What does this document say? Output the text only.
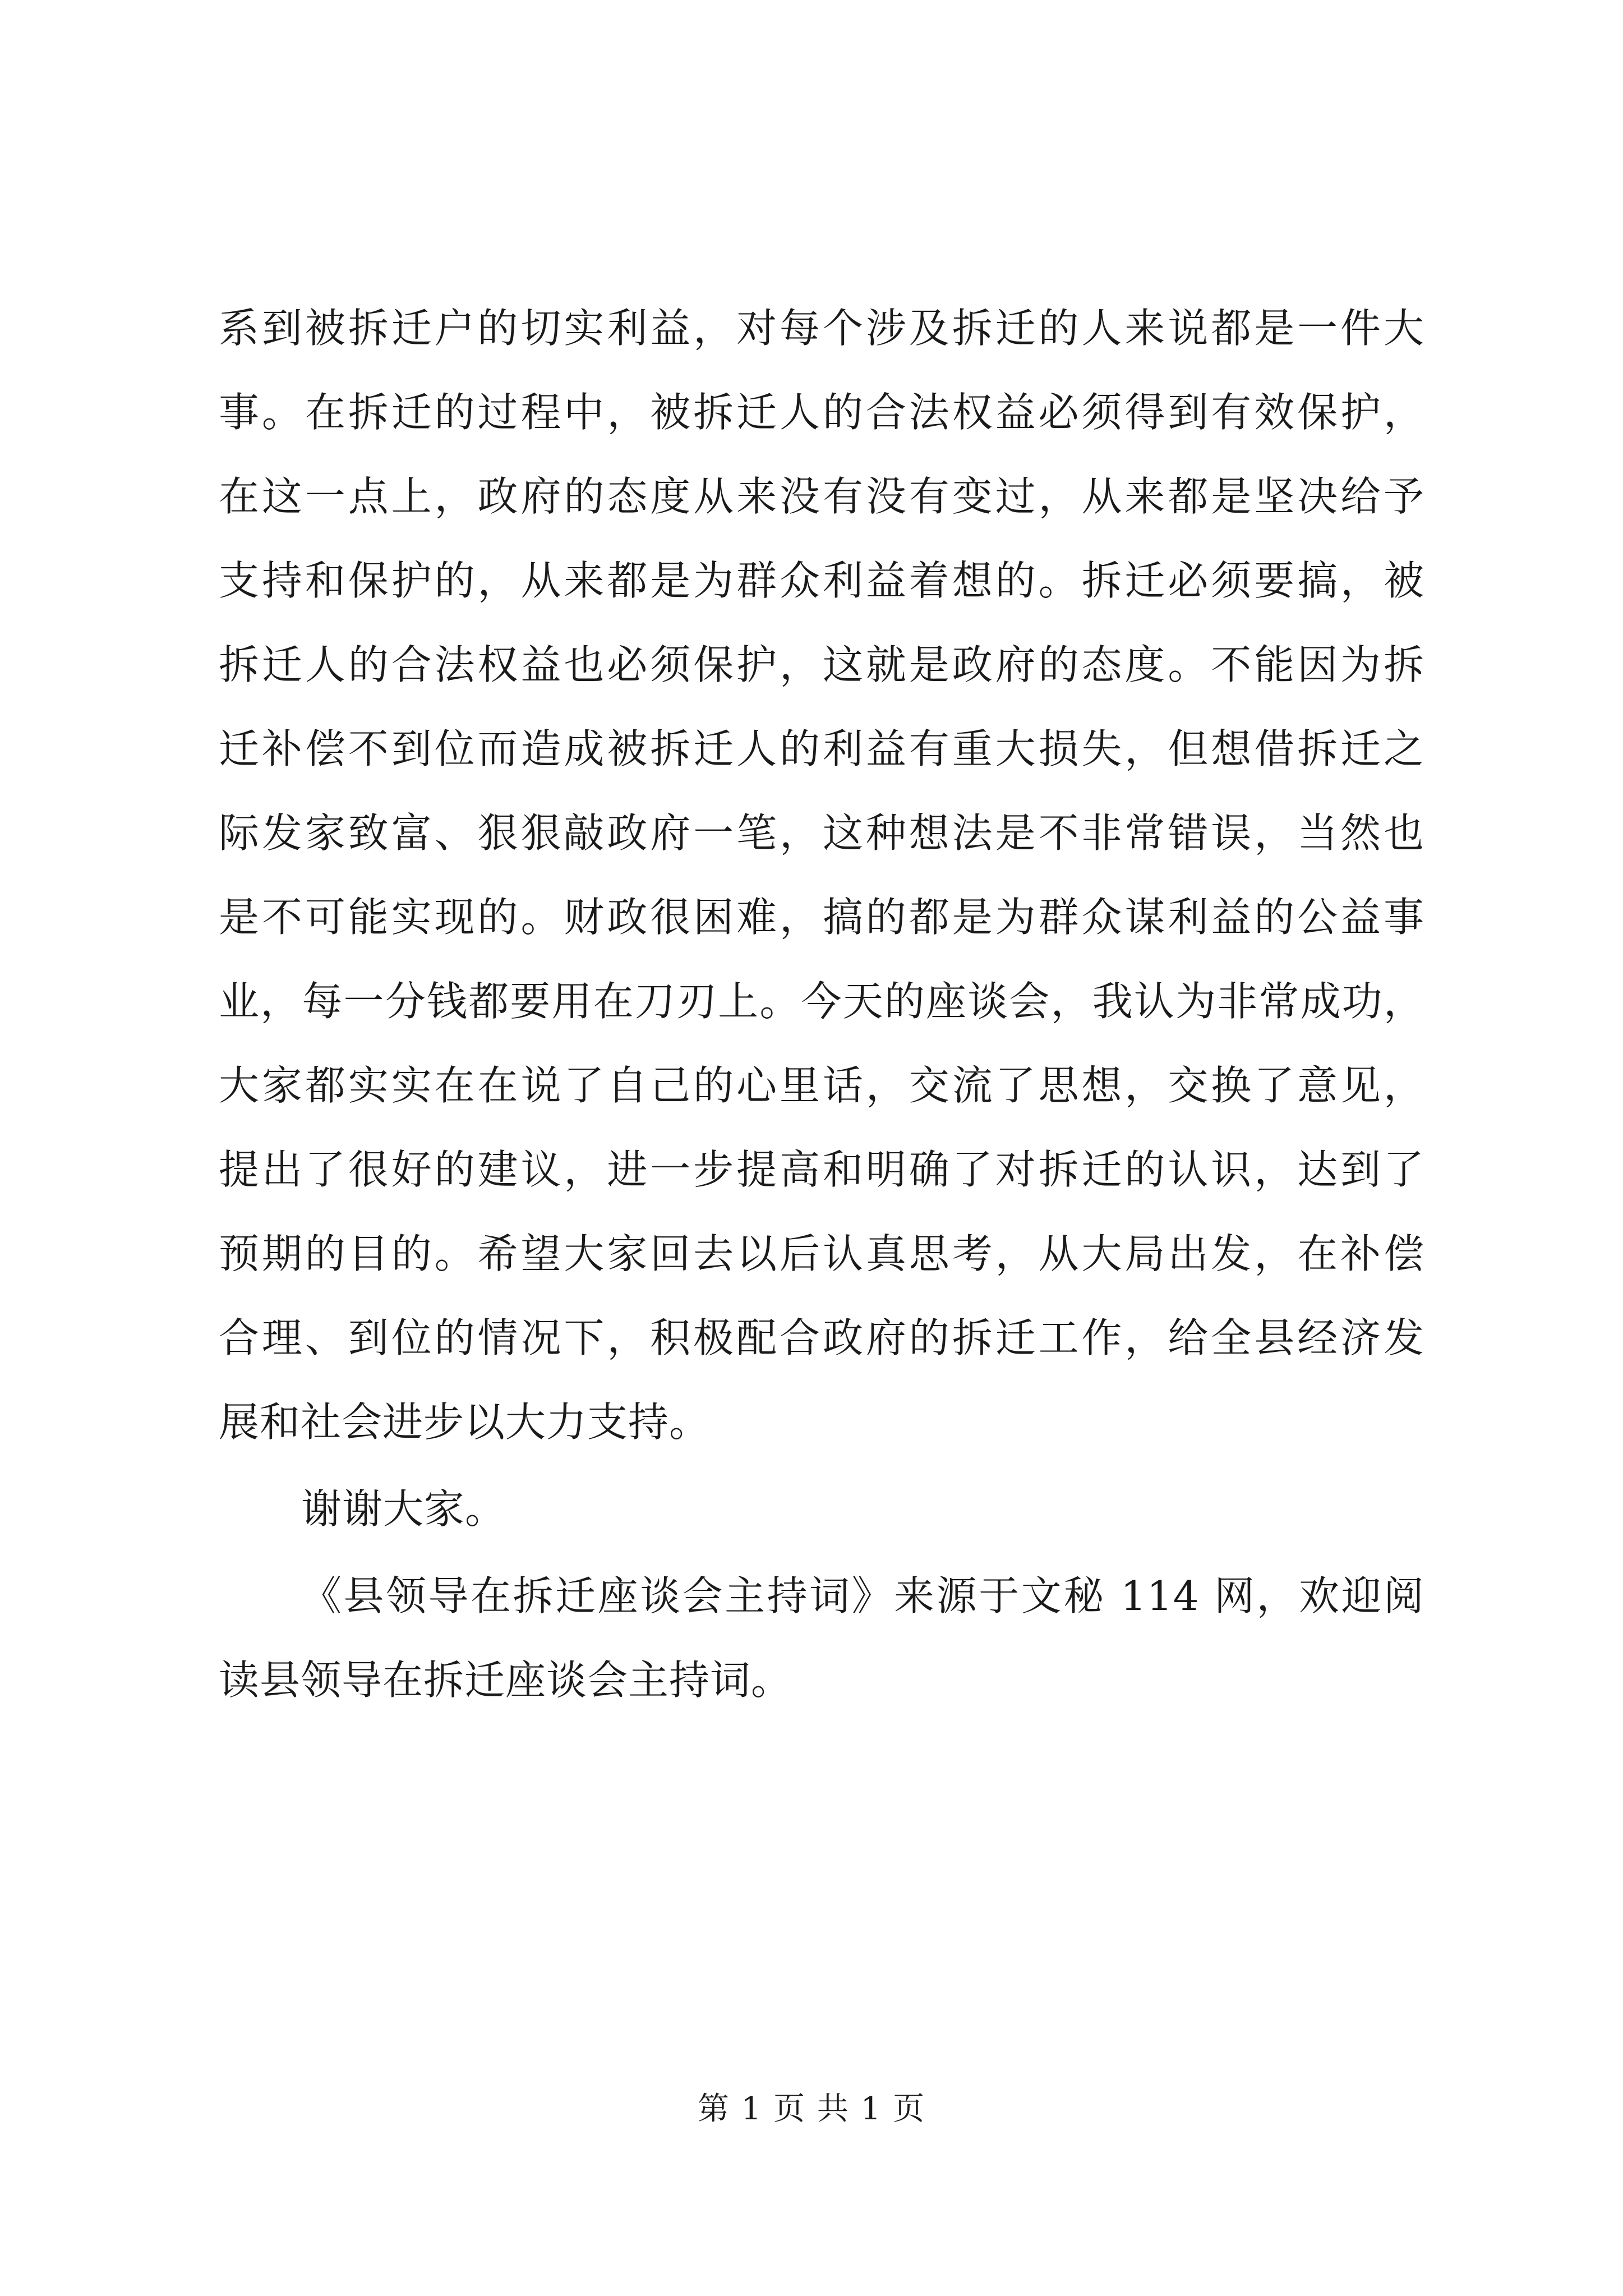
系到被拆迁户的切实利益，对每个涉及拆迁的人来说都是一件大
事。在拆迁的过程中，被拆迁人的合法权益必须得到有效保护，
在这一点上，政府的态度从来没有没有变过，从来都是坚决给予
支持和保护的，从来都是为群众利益着想的。拆迁必须要搞，被
拆迁人的合法权益也必须保护，这就是政府的态度。不能因为拆
迁补偿不到位而造成被拆迁人的利益有重大损失，但想借拆迁之
际发家致富、狠狠敲政府一笔，这种想法是不非常错误，当然也
是不可能实现的。财政很困难，搞的都是为群众谋利益的公益事
业，每一分钱都要用在刀刃上。今天的座谈会，我认为非常成功，
大家都实实在在说了自己的心里话，交流了思想，交换了意见，
提出了很好的建议，进一步提高和明确了对拆迁的认识，达到了
预期的目的。希望大家回去以后认真思考，从大局出发，在补偿
合理、到位的情况下，积极配合政府的拆迁工作，给全县经济发
展和社会进步以大力支持。
谢谢大家。
《县领导在拆迁座谈会主持词》来源于文秘 114 网，欢迎阅
读县领导在拆迁座谈会主持词。
第 1 页 共 1 页
